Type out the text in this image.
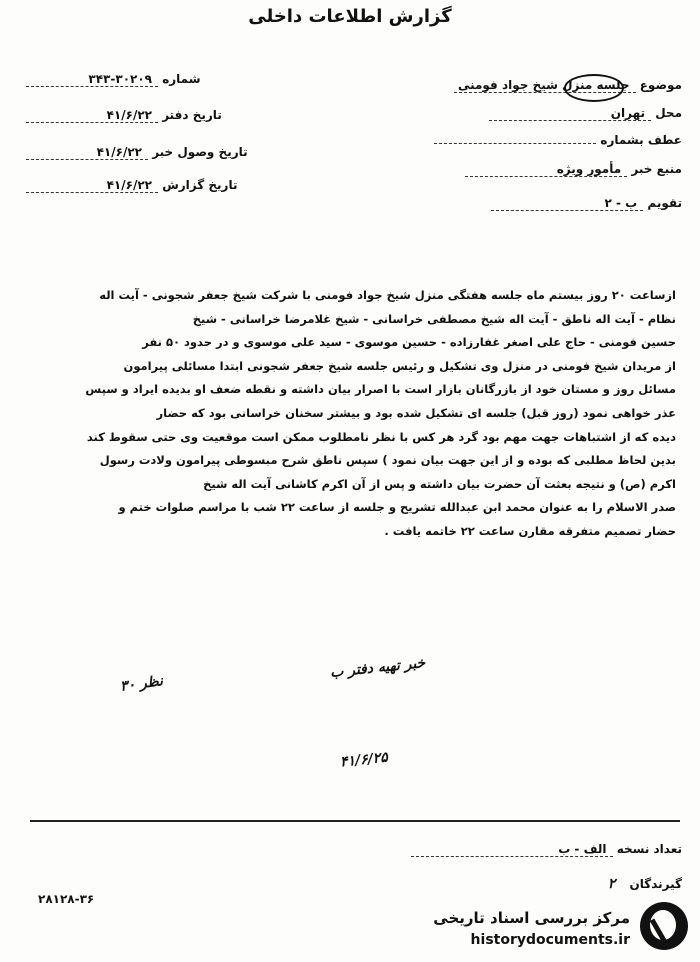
گزارش اطلاعات داخلی
موضوع جلسه منزل شیخ جواد فومنی
محل تهران
عطف بشماره
منبع خبر مأمور ویژه
تقویم ب - ۲
شماره ۳۴۳-۳۰۲۰۹
تاریخ دفتر ۴۱/۶/۲۲
تاریخ وصول خبر ۴۱/۶/۲۲
تاریخ گزارش ۴۱/۶/۲۲
ازساعت ۲۰ روز بیستم ماه جلسه هفتگی منزل شیخ جواد فومنی با شرکت شیخ جعفر شجونی - آیت اله
نظام - آیت اله ناطق - آیت اله شیخ مصطفی خراسانی - شیخ غلامرضا خراسانی - شیخ
حسین فومنی - حاج علی اصغر غفارزاده - حسین موسوی - سید علی موسوی و در حدود ۵۰ نفر
از مریدان شیخ فومنی در منزل وی تشکیل و رئیس جلسه شیخ جعفر شجونی ابتدا مسائلی پیرامون
مسائل روز و مستان خود از بازرگانان بازار است با اصرار بیان داشته و نقطه ضعف او بدیده ایراد و سپس
عذر خواهی نمود (روز قبل) جلسه ای تشکیل شده بود و بیشتر سخنان خراسانی بود که حضار
دیده که از اشتباهات جهت مهم بود گرد هر کس با نظر نامطلوب ممکن است موقعیت وی حتی سقوط کند
بدین لحاظ مطلبی که بوده و از این جهت بیان نمود ) سپس ناطق شرح مبسوطی پیرامون ولادت رسول
اکرم (ص) و نتیجه بعثت آن حضرت بیان داشته و پس از آن اکرم کاشانی آیت اله شیخ
صدر الاسلام را به عنوان محمد ابن عبدالله تشریح و جلسه از ساعت ۲۲ شب با مراسم صلوات ختم و
حضار تصمیم متفرقه مقارن ساعت ۲۲ خاتمه یافت .
نظر ۳۰
خبر تهیه دفتر ب
۴۱/۶/۲۵
تعداد نسخه الف - ب
گیرندگان ۲
۲۸۱۲۸-۳۶
مرکز بررسی اسناد تاریخی
historydocuments.ir
